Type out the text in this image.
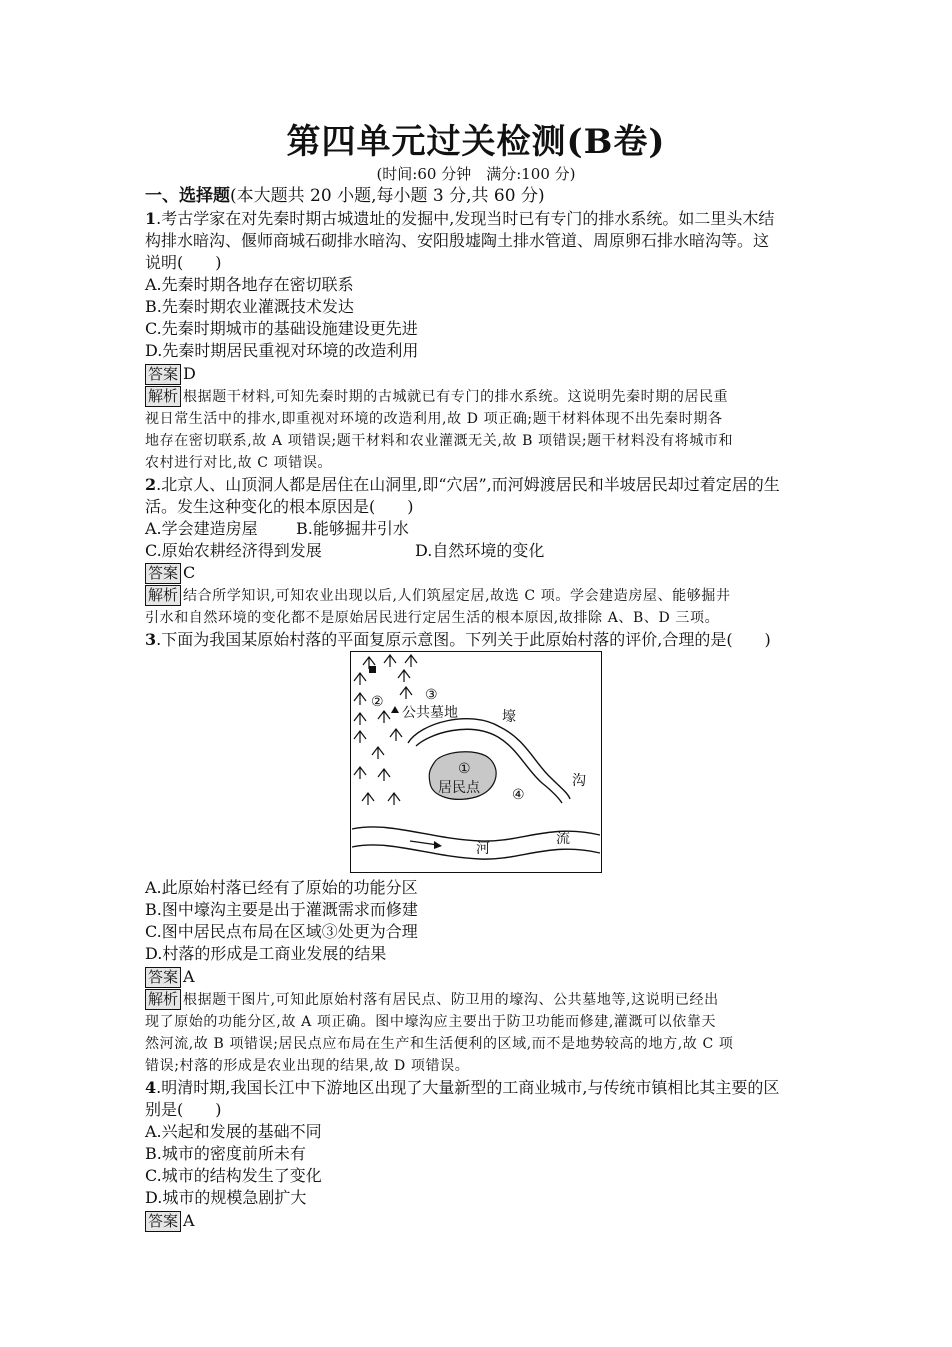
第四单元过关检测(B卷)
(时间:60 分钟　满分:100 分)
一、选择题(本大题共 20 小题,每小题 3 分,共 60 分)
1.考古学家在对先秦时期古城遗址的发掘中,发现当时已有专门的排水系统。如二里头木结
构排水暗沟、偃师商城石砌排水暗沟、安阳殷墟陶土排水管道、周原卵石排水暗沟等。这
说明(　　)
A.先秦时期各地存在密切联系
B.先秦时期农业灌溉技术发达
C.先秦时期城市的基础设施建设更先进
D.先秦时期居民重视对环境的改造利用
答案 D
解析 根据题干材料,可知先秦时期的古城就已有专门的排水系统。这说明先秦时期的居民重
视日常生活中的排水,即重视对环境的改造利用,故 D 项正确;题干材料体现不出先秦时期各
地存在密切联系,故 A 项错误;题干材料和农业灌溉无关,故 B 项错误;题干材料没有将城市和
农村进行对比,故 C 项错误。
2.北京人、山顶洞人都是居住在山洞里,即“穴居”,而河姆渡居民和半坡居民却过着定居的生
活。发生这种变化的根本原因是(　　)
A.学会建造房屋 B.能够掘井引水
C.原始农耕经济得到发展	D.自然环境的变化
答案 C
解析 结合所学知识,可知农业出现以后,人们筑屋定居,故选 C 项。学会建造房屋、能够掘井
引水和自然环境的变化都不是原始居民进行定居生活的根本原因,故排除 A、B、D 三项。
3.下面为我国某原始村落的平面复原示意图。下列关于此原始村落的评价,合理的是(　　)
②	③
公共墓地	壕
沟
①
居民点 ④
河
流
A.此原始村落已经有了原始的功能分区
B.图中壕沟主要是出于灌溉需求而修建
C.图中居民点布局在区域③处更为合理
D.村落的形成是工商业发展的结果
答案 A
解析 根据题干图片,可知此原始村落有居民点、防卫用的壕沟、公共墓地等,这说明已经出
现了原始的功能分区,故 A 项正确。图中壕沟应主要出于防卫功能而修建,灌溉可以依靠天
然河流,故 B 项错误;居民点应布局在生产和生活便利的区域,而不是地势较高的地方,故 C 项
错误;村落的形成是农业出现的结果,故 D 项错误。
4.明清时期,我国长江中下游地区出现了大量新型的工商业城市,与传统市镇相比其主要的区
别是(　　)
A.兴起和发展的基础不同
B.城市的密度前所未有
C.城市的结构发生了变化
D.城市的规模急剧扩大
答案 A
